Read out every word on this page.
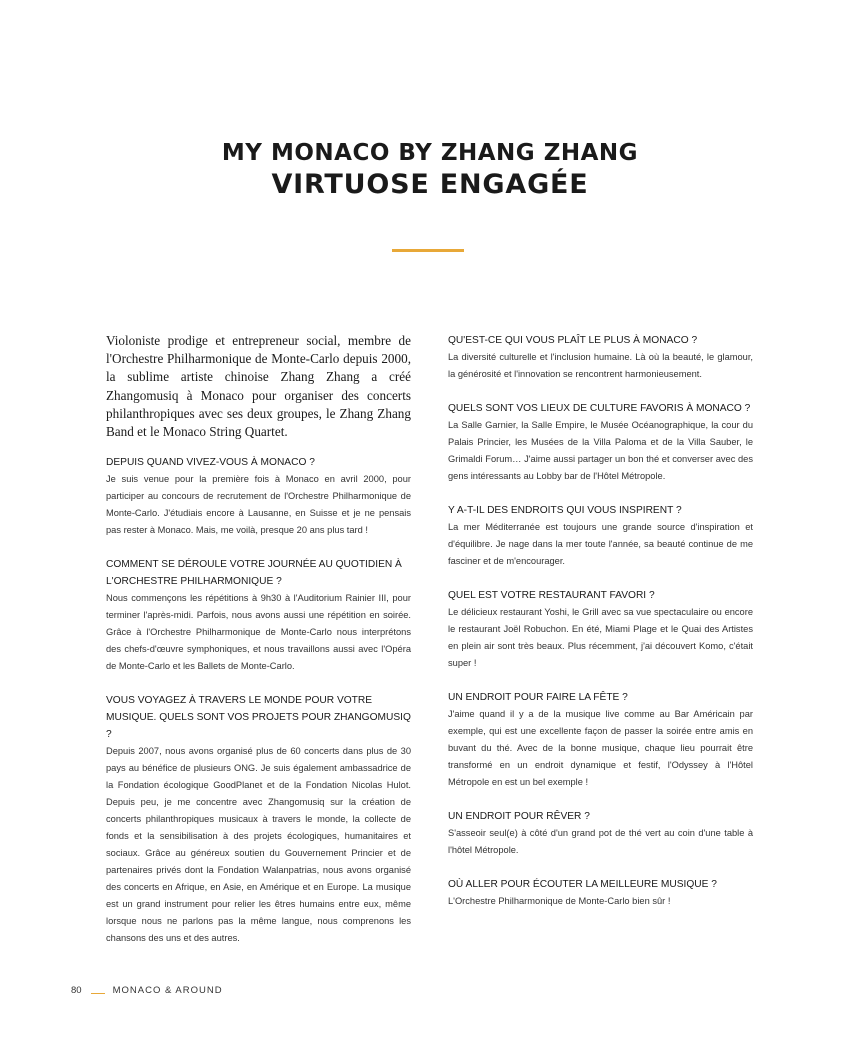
MY MONACO BY ZHANG ZHANG
VIRTUOSE ENGAGÉE

Violoniste prodige et entrepreneur social, membre de l'Orchestre Philharmonique de Monte-Carlo depuis 2000, la sublime artiste chinoise Zhang Zhang a créé Zhangomusiq à Monaco pour organiser des concerts philanthropiques avec ses deux groupes, le Zhang Zhang Band et le Monaco String Quartet.

DEPUIS QUAND VIVEZ-VOUS À MONACO ?

Je suis venue pour la première fois à Monaco en avril 2000, pour participer au concours de recrutement de l'Orchestre Philharmonique de Monte-Carlo. J'étudiais encore à Lausanne, en Suisse et je ne pensais pas rester à Monaco. Mais, me voilà, presque 20 ans plus tard !

COMMENT SE DÉROULE VOTRE JOURNÉE AU QUOTIDIEN À L'ORCHESTRE PHILHARMONIQUE ?

Nous commençons les répétitions à 9h30 à l'Auditorium Rainier III, pour terminer l'après-midi. Parfois, nous avons aussi une répétition en soirée. Grâce à l'Orchestre Philharmonique de Monte-Carlo nous interprétons des chefs-d'œuvre symphoniques, et nous travaillons aussi avec l'Opéra de Monte-Carlo et les Ballets de Monte-Carlo.

VOUS VOYAGEZ À TRAVERS LE MONDE POUR VOTRE MUSIQUE. QUELS SONT VOS PROJETS POUR ZHANGOMUSIQ ?

Depuis 2007, nous avons organisé plus de 60 concerts dans plus de 30 pays au bénéfice de plusieurs ONG. Je suis également ambassadrice de la Fondation écologique GoodPlanet et de la Fondation Nicolas Hulot. Depuis peu, je me concentre avec Zhangomusiq sur la création de concerts philanthropiques musicaux à travers le monde, la collecte de fonds et la sensibilisation à des projets écologiques, humanitaires et sociaux. Grâce au généreux soutien du Gouvernement Princier et de partenaires privés dont la Fondation Walanpatrias, nous avons organisé des concerts en Afrique, en Asie, en Amérique et en Europe. La musique est un grand instrument pour relier les êtres humains entre eux, même lorsque nous ne parlons pas la même langue, nous comprenons les chansons des uns et des autres.

QU'EST-CE QUI VOUS PLAÎT LE PLUS À MONACO ?

La diversité culturelle et l'inclusion humaine. Là où la beauté, le glamour, la générosité et l'innovation se rencontrent harmonieusement.

QUELS SONT VOS LIEUX DE CULTURE FAVORIS À MONACO ?

La Salle Garnier, la Salle Empire, le Musée Océanographique, la cour du Palais Princier, les Musées de la Villa Paloma et de la Villa Sauber, le Grimaldi Forum… J'aime aussi partager un bon thé et converser avec des gens intéressants au Lobby bar de l'Hôtel Métropole.

Y A-T-IL DES ENDROITS QUI VOUS INSPIRENT ?

La mer Méditerranée est toujours une grande source d'inspiration et d'équilibre. Je nage dans la mer toute l'année, sa beauté continue de me fasciner et de m'encourager.

QUEL EST VOTRE RESTAURANT FAVORI ?

Le délicieux restaurant Yoshi, le Grill avec sa vue spectaculaire ou encore le restaurant Joël Robuchon. En été, Miami Plage et le Quai des Artistes en plein air sont très beaux. Plus récemment, j'ai découvert Komo, c'était super !

UN ENDROIT POUR FAIRE LA FÊTE ?

J'aime quand il y a de la musique live comme au Bar Américain par exemple, qui est une excellente façon de passer la soirée entre amis en buvant du thé. Avec de la bonne musique, chaque lieu pourrait être transformé en un endroit dynamique et festif, l'Odyssey à l'Hôtel Métropole en est un bel exemple !

UN ENDROIT POUR RÊVER ?

S'asseoir seul(e) à côté d'un grand pot de thé vert au coin d'une table à l'hôtel Métropole.

OÙ ALLER POUR ÉCOUTER LA MEILLEURE MUSIQUE ?

L'Orchestre Philharmonique de Monte-Carlo bien sûr !

80	MONACO & AROUND
